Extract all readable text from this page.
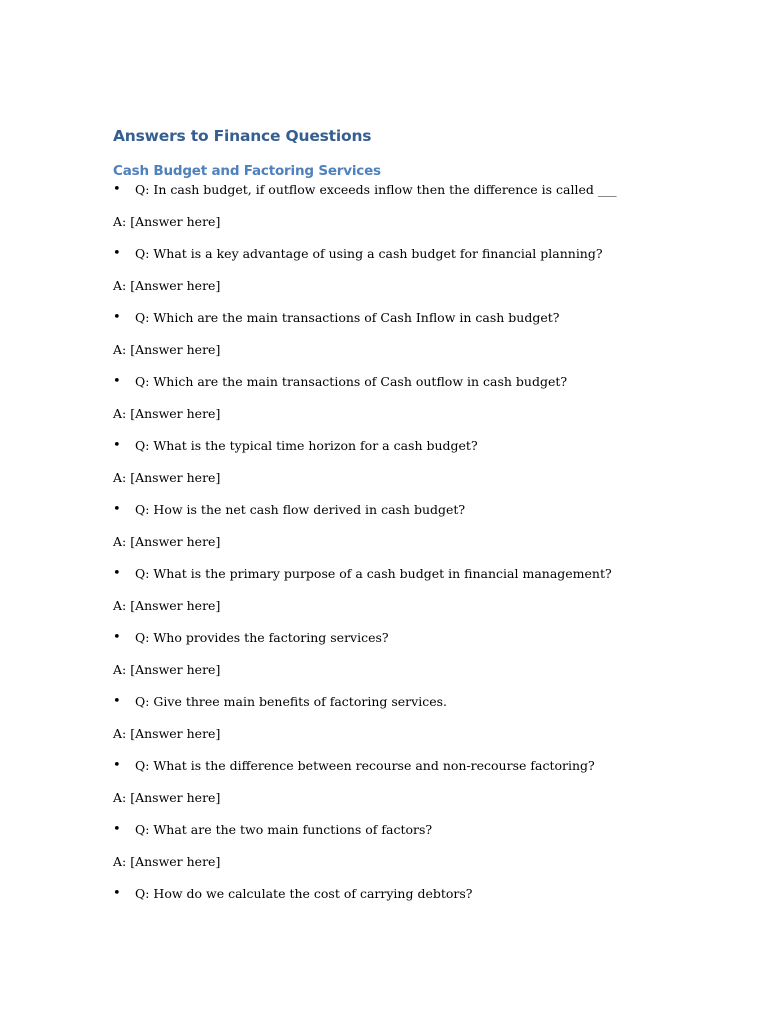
Answers to Finance Questions
Cash Budget and Factoring Services
• Q: In cash budget, if outflow exceeds inflow then the difference is called ___
A: [Answer here]
• Q: What is a key advantage of using a cash budget for financial planning?
A: [Answer here]
• Q: Which are the main transactions of Cash Inflow in cash budget?
A: [Answer here]
• Q: Which are the main transactions of Cash outflow in cash budget?
A: [Answer here]
• Q: What is the typical time horizon for a cash budget?
A: [Answer here]
• Q: How is the net cash flow derived in cash budget?
A: [Answer here]
• Q: What is the primary purpose of a cash budget in financial management?
A: [Answer here]
• Q: Who provides the factoring services?
A: [Answer here]
• Q: Give three main benefits of factoring services.
A: [Answer here]
• Q: What is the difference between recourse and non-recourse factoring?
A: [Answer here]
• Q: What are the two main functions of factors?
A: [Answer here]
• Q: How do we calculate the cost of carrying debtors?
